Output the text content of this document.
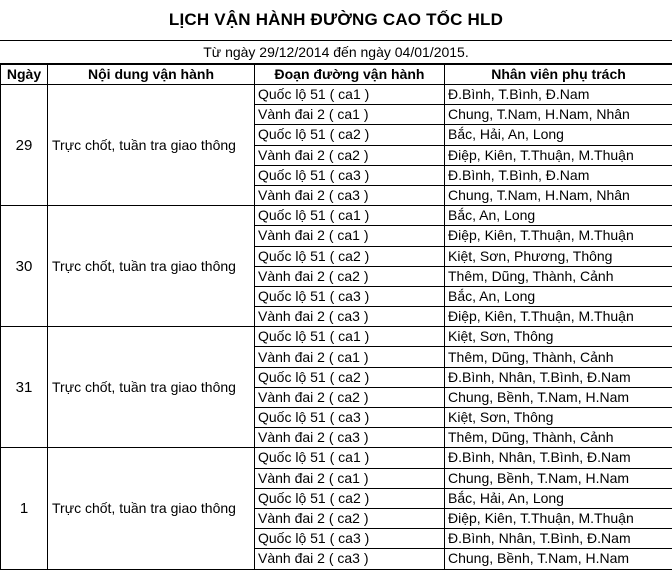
LỊCH VẬN HÀNH ĐƯỜNG CAO TỐC HLD
Từ ngày 29/12/2014 đến ngày 04/01/2015.
Ngày	Nội dung vận hành	Đoạn đường vận hành	Nhân viên phụ trách
29	Trực chốt, tuần tra giao thông	Quốc lộ 51 ( ca1 )	Đ.Bình, T.Bình, Đ.Nam
		Vành đai 2 ( ca1 )	Chung, T.Nam, H.Nam, Nhân
		Quốc lộ 51 ( ca2 )	Bắc, Hải, An, Long
		Vành đai 2 ( ca2 )	Điệp, Kiên, T.Thuận, M.Thuận
		Quốc lộ 51 ( ca3 )	Đ.Bình, T.Bình, Đ.Nam
		Vành đai 2 ( ca3 )	Chung, T.Nam, H.Nam, Nhân
30	Trực chốt, tuần tra giao thông	Quốc lộ 51 ( ca1 )	Bắc, An, Long
		Vành đai 2 ( ca1 )	Điệp, Kiên, T.Thuận, M.Thuận
		Quốc lộ 51 ( ca2 )	Kiệt, Sơn, Phương, Thông
		Vành đai 2 ( ca2 )	Thêm, Dũng, Thành, Cảnh
		Quốc lộ 51 ( ca3 )	Bắc, An, Long
		Vành đai 2 ( ca3 )	Điệp, Kiên, T.Thuận, M.Thuận
31	Trực chốt, tuần tra giao thông	Quốc lộ 51 ( ca1 )	Kiệt, Sơn, Thông
		Vành đai 2 ( ca1 )	Thêm, Dũng, Thành, Cảnh
		Quốc lộ 51 ( ca2 )	Đ.Bình, Nhân, T.Bình, Đ.Nam
		Vành đai 2 ( ca2 )	Chung, Bềnh, T.Nam, H.Nam
		Quốc lộ 51 ( ca3 )	Kiệt, Sơn, Thông
		Vành đai 2 ( ca3 )	Thêm, Dũng, Thành, Cảnh
1	Trực chốt, tuần tra giao thông	Quốc lộ 51 ( ca1 )	Đ.Bình, Nhân, T.Bình, Đ.Nam
		Vành đai 2 ( ca1 )	Chung, Bềnh, T.Nam, H.Nam
		Quốc lộ 51 ( ca2 )	Bắc, Hải, An, Long
		Vành đai 2 ( ca2 )	Điệp, Kiên, T.Thuận, M.Thuận
		Quốc lộ 51 ( ca3 )	Đ.Bình, Nhân, T.Bình, Đ.Nam
		Vành đai 2 ( ca3 )	Chung, Bềnh, T.Nam, H.Nam
